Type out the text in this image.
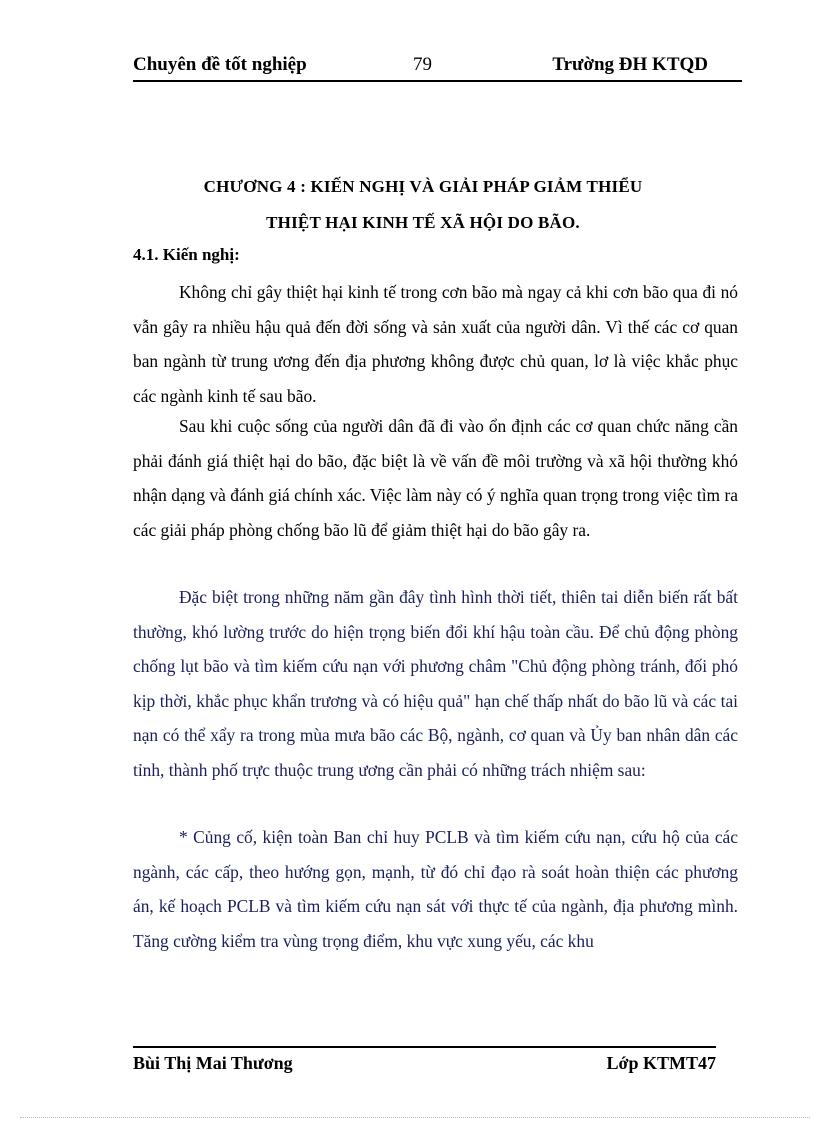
Chuyên đề tốt nghiệp	79	Trường ĐH KTQD
CHƯƠNG 4 : KIẾN NGHỊ VÀ GIẢI PHÁP GIẢM THIỂU
THIỆT HẠI KINH TẾ XÃ HỘI DO BÃO.
4.1. Kiến nghị:

Không chỉ gây thiệt hại kinh tế trong cơn bão mà ngay cả khi cơn bão qua đi nó vẫn gây ra nhiều hậu quả đến đời sống và sản xuất của người dân. Vì thế các cơ quan ban ngành từ trung ương đến địa phương không được chủ quan, lơ là việc khắc phục các ngành kinh tế sau bão.

Sau khi cuộc sống của người dân đã đi vào ổn định các cơ quan chức năng cần phải đánh giá thiệt hại do bão, đặc biệt là về vấn đề môi trường và xã hội thường khó nhận dạng và đánh giá chính xác. Việc làm này có ý nghĩa quan trọng trong việc tìm ra các giải pháp phòng chống bão lũ để giảm thiệt hại do bão gây ra.

Đặc biệt trong những năm gần đây tình hình thời tiết, thiên tai diễn biến rất bất thường, khó lường trước do hiện trọng biến đổi khí hậu toàn cầu. Để chủ động phòng chống lụt bão và tìm kiếm cứu nạn với phương châm "Chủ động phòng tránh, đối phó kịp thời, khắc phục khẩn trương và có hiệu quả" hạn chế thấp nhất do bão lũ và các tai nạn có thể xẩy ra trong mùa mưa bão các Bộ, ngành, cơ quan và Ủy ban nhân dân các tỉnh, thành phố trực thuộc trung ương cần phải có những trách nhiệm sau:

* Củng cố, kiện toàn Ban chỉ huy PCLB và tìm kiếm cứu nạn, cứu hộ của các ngành, các cấp, theo hướng gọn, mạnh, từ đó chỉ đạo rà soát hoàn thiện các phương án, kế hoạch PCLB và tìm kiếm cứu nạn sát với thực tế của ngành, địa phương mình. Tăng cường kiểm tra vùng trọng điểm, khu vực xung yếu, các khu

Bùi Thị Mai Thương	Lớp KTMT47
